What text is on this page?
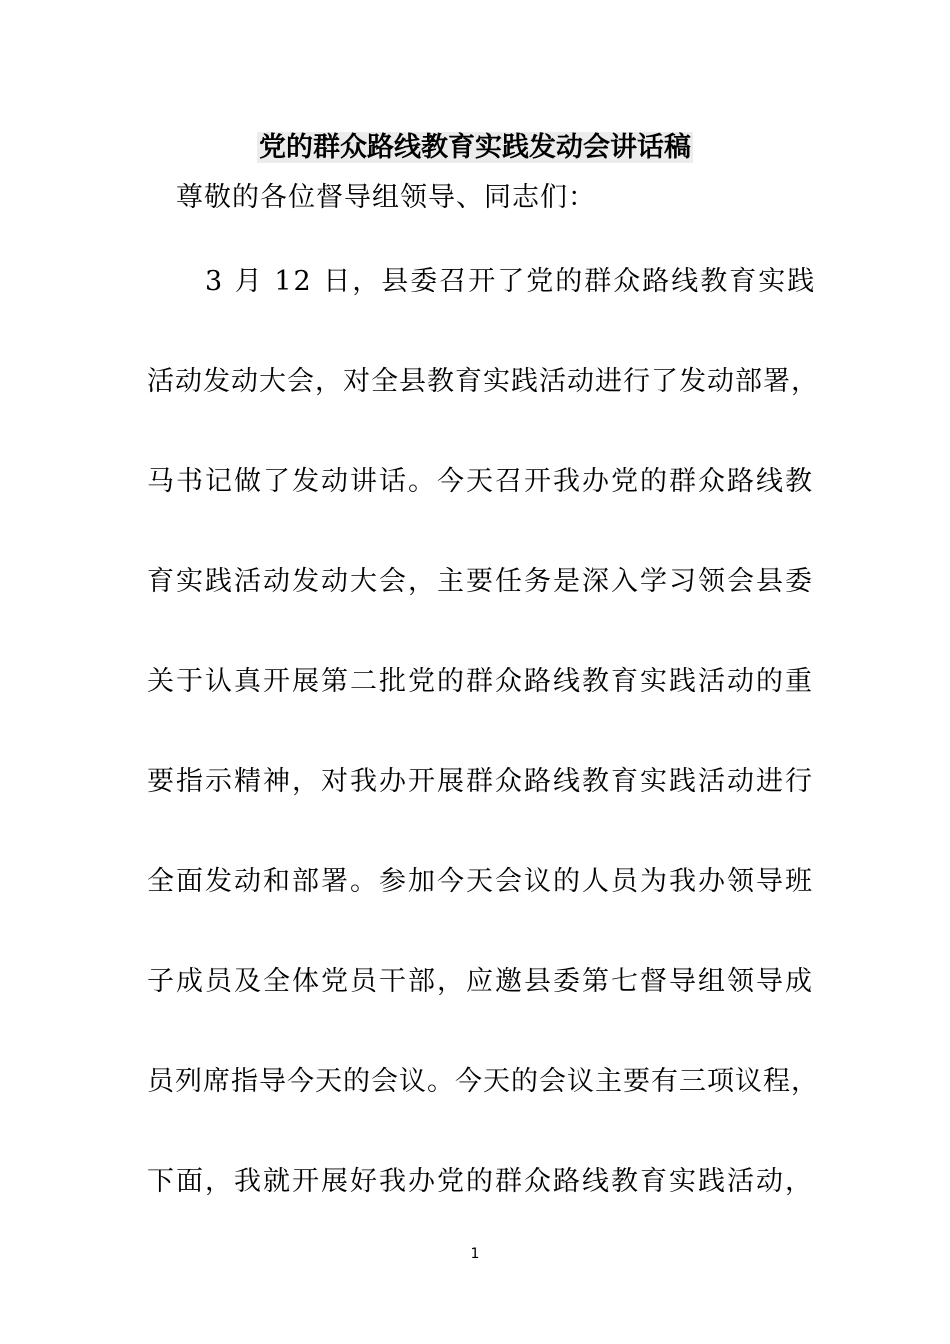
党的群众路线教育实践发动会讲话稿

尊敬的各位督导组领导、同志们：

3 月 12 日，县委召开了党的群众路线教育实践
活动发动大会，对全县教育实践活动进行了发动部署，
马书记做了发动讲话。今天召开我办党的群众路线教
育实践活动发动大会，主要任务是深入学习领会县委
关于认真开展第二批党的群众路线教育实践活动的重
要指示精神，对我办开展群众路线教育实践活动进行
全面发动和部署。参加今天会议的人员为我办领导班
子成员及全体党员干部，应邀县委第七督导组领导成
员列席指导今天的会议。今天的会议主要有三项议程，
下面，我就开展好我办党的群众路线教育实践活动，
1
